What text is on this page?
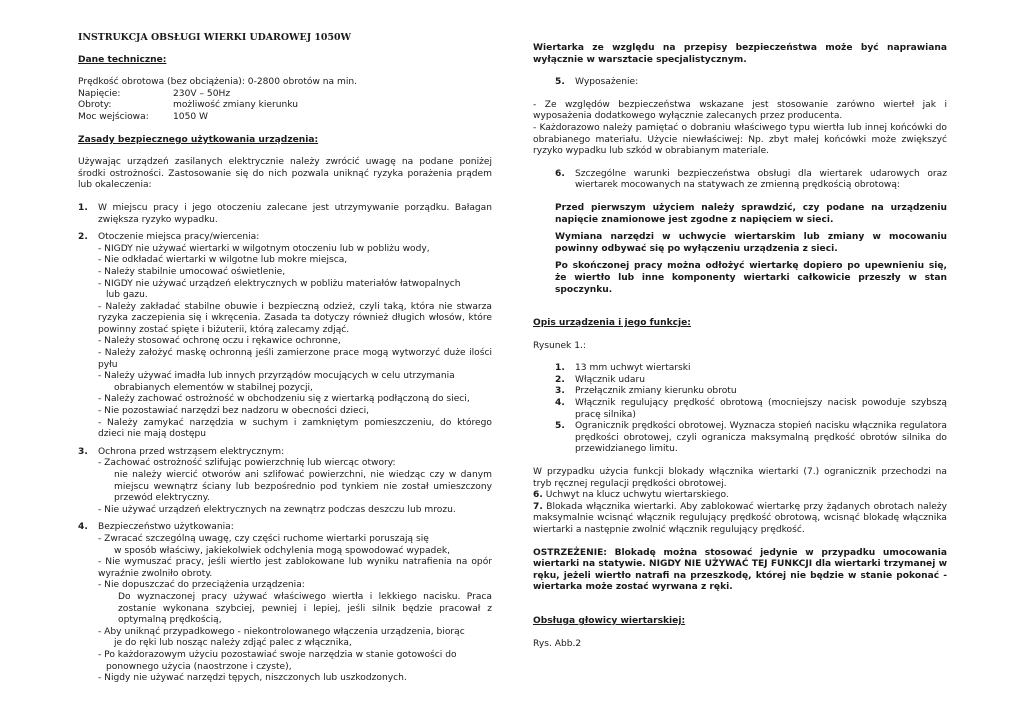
INSTRUKCJA OBSŁUGI WIERKI UDAROWEJ 1050W

Dane techniczne:

Prędkość obrotowa (bez obciążenia): 0-2800 obrotów na min.

Napięcie:	230V – 50Hz
Obroty:	możliwość zmiany kierunku
Moc wejściowa:	1050 W

Zasady bezpiecznego użytkowania urządzenia:

Używając urządzeń zasilanych elektrycznie należy zwrócić uwagę na podane poniżej środki ostrożności. Zastosowanie się do nich pozwala uniknąć ryzyka porażenia prądem lub okaleczenia:

1.	W miejscu pracy i jego otoczeniu zalecane jest utrzymywanie porządku. Bałagan zwiększa ryzyko wypadku.

2.	Otoczenie miejsca pracy/wiercenia:

- NIGDY nie używać wiertarki w wilgotnym otoczeniu lub w pobliżu wody,

- Nie odkładać wiertarki w wilgotne lub mokre miejsca,

- Należy stabilnie umocować oświetlenie,

- NIGDY nie używać urządzeń elektrycznych w pobliżu materiałów łatwopalnych

lub gazu.

- Należy zakładać stabilne obuwie i bezpieczną odzież, czyli taką, która nie stwarza ryzyka zaczepienia się i wkręcenia. Zasada ta dotyczy również długich włosów, które powinny zostać spięte i biżuterii, którą zalecamy zdjąć.

- Należy stosować ochronę oczu i rękawice ochronne,

- Należy założyć maskę ochronną jeśli zamierzone prace mogą wytworzyć duże ilości pyłu

- Należy używać imadła lub innych przyrządów mocujących w celu utrzymania

obrabianych elementów w stabilnej pozycji,

- Należy zachować ostrożność w obchodzeniu się z wiertarką podłączoną do sieci,

- Nie pozostawiać narzędzi bez nadzoru w obecności dzieci,

- Należy zamykać narzędzia w suchym i zamkniętym pomieszczeniu, do którego dzieci nie mają dostępu

3.	Ochrona przed wstrząsem elektrycznym:

- Zachować ostrożność szlifując powierzchnię lub wiercąc otwory:

nie należy wiercić otworów ani szlifować powierzchni, nie wiedząc czy w danym miejscu wewnątrz ściany lub bezpośrednio pod tynkiem nie został umieszczony przewód elektryczny.

- Nie używać urządzeń elektrycznych na zewnątrz podczas deszczu lub mrozu.

4.	Bezpieczeństwo użytkowania:

- Zwracać szczególną uwagę, czy części ruchome wiertarki poruszają się

w sposób właściwy, jakiekolwiek odchylenia mogą spowodować wypadek,

- Nie wymuszać pracy, jeśli wiertło jest zablokowane lub wyniku natrafienia na opór wyraźnie zwolniło obroty.

- Nie dopuszczać do przeciążenia urządzenia:

Do wyznaczonej pracy używać właściwego wiertła i lekkiego nacisku. Praca zostanie wykonana szybciej, pewniej i lepiej, jeśli silnik będzie pracował z optymalną prędkością,

- Aby uniknąć przypadkowego - niekontrolowanego włączenia urządzenia, biorąc

je do ręki lub nosząc należy zdjąć palec z włącznika,

- Po każdorazowym użyciu pozostawiać swoje narzędzia w stanie gotowości do

ponownego użycia (naostrzone i czyste),

- Nigdy nie używać narzędzi tępych, niszczonych lub uszkodzonych.

Wiertarka ze względu na przepisy bezpieczeństwa może być naprawiana wyłącznie w warsztacie specjalistycznym.

5.	Wyposażenie:

- Ze względów bezpieczeństwa wskazane jest stosowanie zarówno wierteł jak i wyposażenia dodatkowego wyłącznie zalecanych przez producenta.

- Każdorazowo należy pamiętać o dobraniu właściwego typu wiertła lub innej końcówki do obrabianego materiału. Użycie niewłaściwej: Np. zbyt małej końcówki może zwiększyć ryzyko wypadku lub szkód w obrabianym materiale.

6.	Szczególne warunki bezpieczeństwa obsługi dla wiertarek udarowych oraz wiertarek mocowanych na statywach ze zmienną prędkością obrotową:

Przed pierwszym użyciem należy sprawdzić, czy podane na urządzeniu napięcie znamionowe jest zgodne z napięciem w sieci.

Wymiana narzędzi w uchwycie wiertarskim lub zmiany w mocowaniu powinny odbywać się po wyłączeniu urządzenia z sieci.

Po skończonej pracy można odłożyć wiertarkę dopiero po upewnieniu się, że wiertło lub inne komponenty wiertarki całkowicie przeszły w stan spoczynku.

Opis urządzenia i jego funkcje:

Rysunek 1.:

1.	13 mm uchwyt wiertarski

2.	Włącznik udaru

3.	Przełącznik zmiany kierunku obrotu

4.	Włącznik regulujący prędkość obrotową (mocniejszy nacisk powoduje szybszą pracę silnika)

5.	Ogranicznik prędkości obrotowej. Wyznacza stopień nacisku włącznika regulatora prędkości obrotowej, czyli ogranicza maksymalną prędkość obrotów silnika do przewidzianego limitu.

W przypadku użycia funkcji blokady włącznika wiertarki (7.) ogranicznik przechodzi na tryb ręcznej regulacji prędkości obrotowej.

6. Uchwyt na klucz uchwytu wiertarskiego.

7. Blokada włącznika wiertarki. Aby zablokować wiertarkę przy żądanych obrotach należy maksymalnie wcisnąć włącznik regulujący prędkość obrotową, wcisnąć blokadę włącznika wiertarki a następnie zwolnić włącznik regulujący prędkość.

OSTRZEŻENIE: Blokadę można stosować jedynie w przypadku umocowania wiertarki na statywie. NIGDY NIE UŻYWAĆ TEJ FUNKCJI dla wiertarki trzymanej w ręku, jeżeli wiertło natrafi na przeszkodę, której nie będzie w stanie pokonać - wiertarka może zostać wyrwana z ręki.

Obsługa głowicy wiertarskiej:

Rys. Abb.2
